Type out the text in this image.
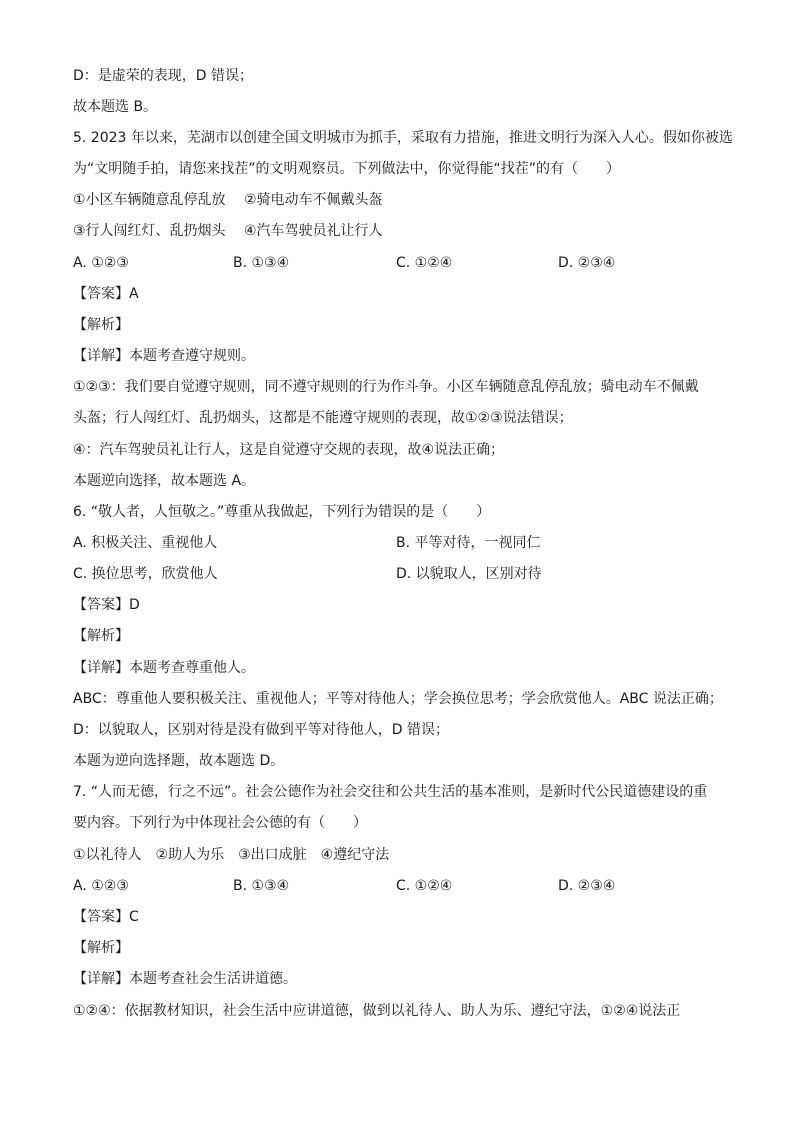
D：是虚荣的表现，D 错误；
故本题选 B。
5. 2023 年以来，芜湖市以创建全国文明城市为抓手，采取有力措施，推进文明行为深入人心。假如你被选
为“文明随手拍，请您来找茬”的文明观察员。下列做法中，你觉得能“找茬”的有（　　）
①小区车辆随意乱停乱放　 ②骑电动车不佩戴头盔
③行人闯红灯、乱扔烟头　 ④汽车驾驶员礼让行人
A. ①②③	B. ①③④	C. ①②④	D. ②③④
【答案】A
【解析】
【详解】本题考查遵守规则。
①②③：我们要自觉遵守规则，同不遵守规则的行为作斗争。小区车辆随意乱停乱放；骑电动车不佩戴
头盔；行人闯红灯、乱扔烟头，这都是不能遵守规则的表现，故①②③说法错误；
④：汽车驾驶员礼让行人，这是自觉遵守交规的表现，故④说法正确；
本题逆向选择，故本题选 A。
6. “敬人者，人恒敬之。”尊重从我做起，下列行为错误的是（　　）
A. 积极关注、重视他人	B. 平等对待，一视同仁
C. 换位思考，欣赏他人	D. 以貌取人，区别对待
【答案】D
【解析】
【详解】本题考查尊重他人。
ABC：尊重他人要积极关注、重视他人；平等对待他人；学会换位思考；学会欣赏他人。ABC 说法正确；
D：以貌取人，区别对待是没有做到平等对待他人，D 错误；
本题为逆向选择题，故本题选 D。
7. “人而无德，行之不远”。社会公德作为社会交往和公共生活的基本准则，是新时代公民道德建设的重
要内容。下列行为中体现社会公德的有（　　）
①以礼待人　②助人为乐　③出口成脏　④遵纪守法
A. ①②③	B. ①③④	C. ①②④	D. ②③④
【答案】C
【解析】
【详解】本题考查社会生活讲道德。
①②④：依据教材知识，社会生活中应讲道德，做到以礼待人、助人为乐、遵纪守法，①②④说法正
